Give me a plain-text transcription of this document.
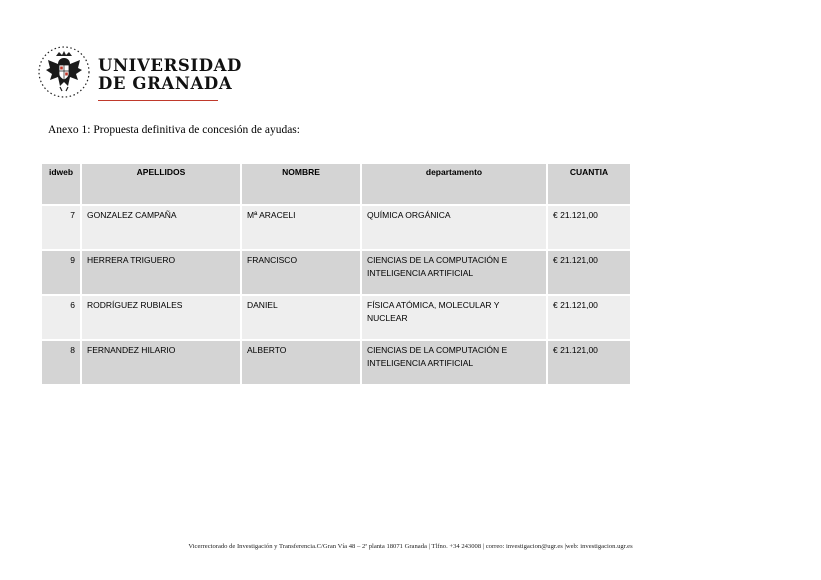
UNIVERSIDAD
DE GRANADA
Anexo 1: Propuesta definitiva de concesión de ayudas:
idweb	APELLIDOS	NOMBRE	departamento	CUANTIA
7	GONZALEZ CAMPAÑA	Mª ARACELI	QUÍMICA ORGÁNICA	€ 21.121,00
9	HERRERA TRIGUERO	FRANCISCO	CIENCIAS DE LA COMPUTACIÓN E INTELIGENCIA ARTIFICIAL	€ 21.121,00
6	RODRÍGUEZ RUBIALES	DANIEL	FÍSICA ATÓMICA, MOLECULAR Y NUCLEAR	€ 21.121,00
8	FERNANDEZ HILARIO	ALBERTO	CIENCIAS DE LA COMPUTACIÓN E INTELIGENCIA ARTIFICIAL	€ 21.121,00
Vicerrectorado de Investigación y Transferencia.C/Gran Vía 48 – 2ª planta 18071 Granada | Tlfno. +34 243008 | correo: investigacion@ugr.es |web: investigacion.ugr.es
